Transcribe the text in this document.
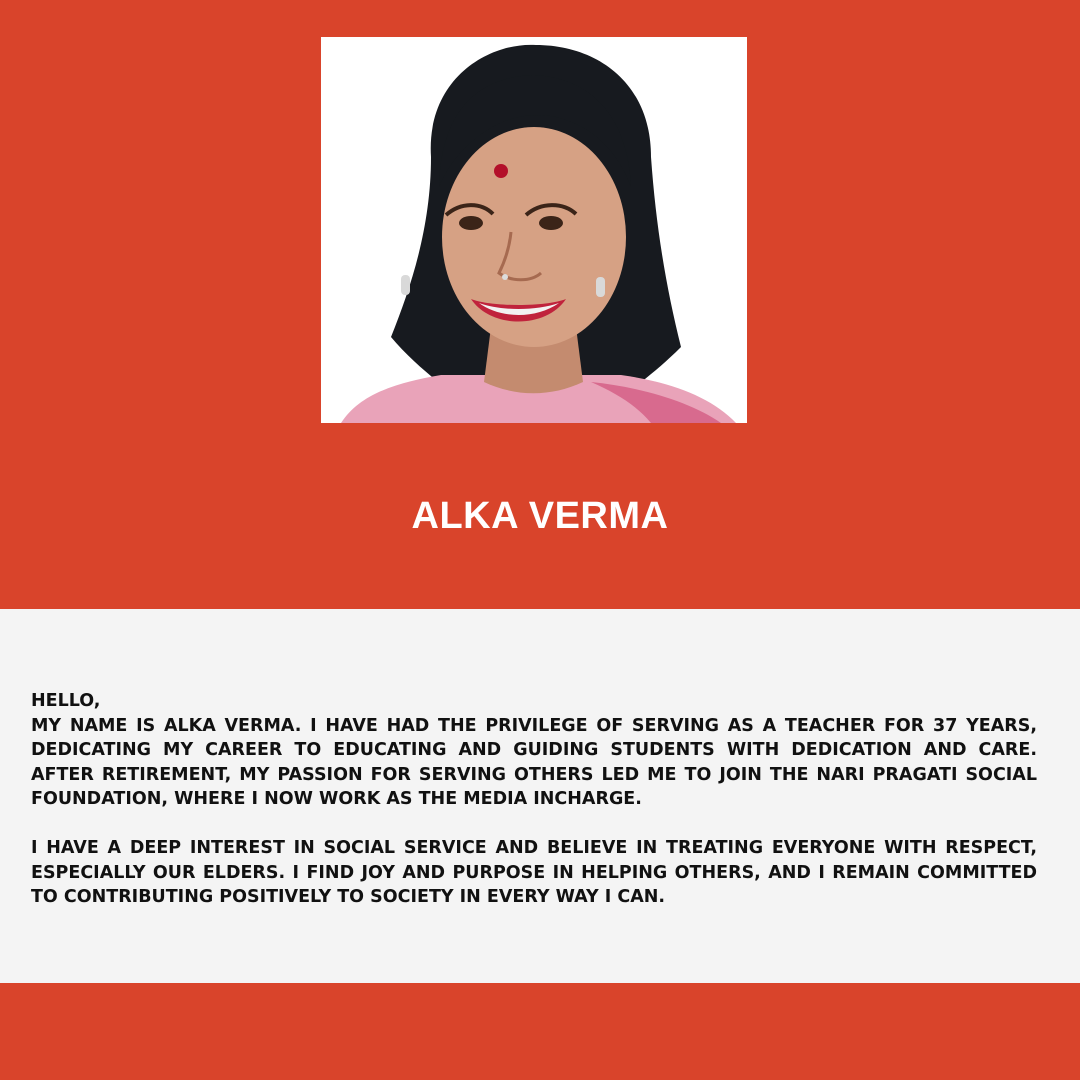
ALKA VERMA

HELLO,

MY NAME IS ALKA VERMA. I HAVE HAD THE PRIVILEGE OF SERVING AS A TEACHER FOR 37 YEARS, DEDICATING MY CAREER TO EDUCATING AND GUIDING STUDENTS WITH DEDICATION AND CARE. AFTER RETIREMENT, MY PASSION FOR SERVING OTHERS LED ME TO JOIN THE NARI PRAGATI SOCIAL FOUNDATION, WHERE I NOW WORK AS THE MEDIA INCHARGE.

I HAVE A DEEP INTEREST IN SOCIAL SERVICE AND BELIEVE IN TREATING EVERYONE WITH RESPECT, ESPECIALLY OUR ELDERS. I FIND JOY AND PURPOSE IN HELPING OTHERS, AND I REMAIN COMMITTED TO CONTRIBUTING POSITIVELY TO SOCIETY IN EVERY WAY I CAN.
